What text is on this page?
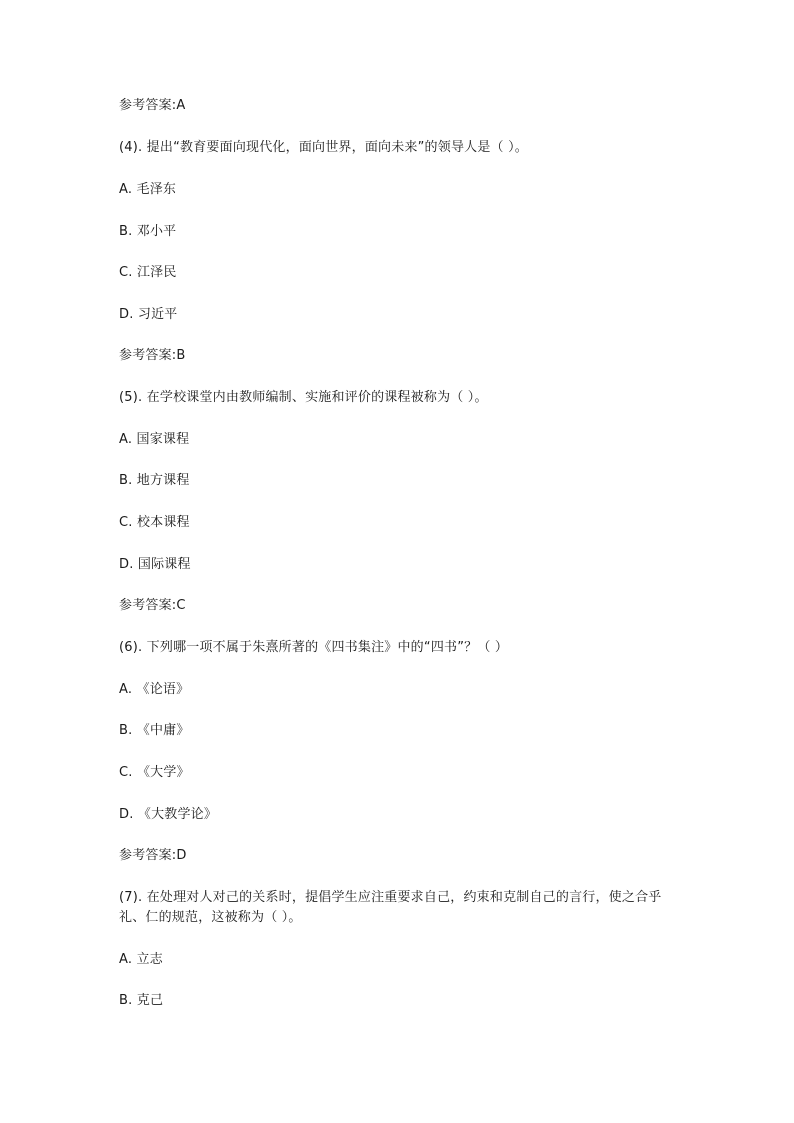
参考答案:A
(4). 提出“教育要面向现代化，面向世界，面向未来”的领导人是（ ）。
A. 毛泽东
B. 邓小平
C. 江泽民
D. 习近平
参考答案:B
(5). 在学校课堂内由教师编制、实施和评价的课程被称为（ ）。
A. 国家课程
B. 地方课程
C. 校本课程
D. 国际课程
参考答案:C
(6). 下列哪一项不属于朱熹所著的《四书集注》中的“四书”？（ ）
A. 《论语》
B. 《中庸》
C. 《大学》
D. 《大教学论》
参考答案:D
(7). 在处理对人对己的关系时，提倡学生应注重要求自己，约束和克制自己的言行，使之合乎礼、仁的规范，这被称为（ ）。
A. 立志
B. 克己
